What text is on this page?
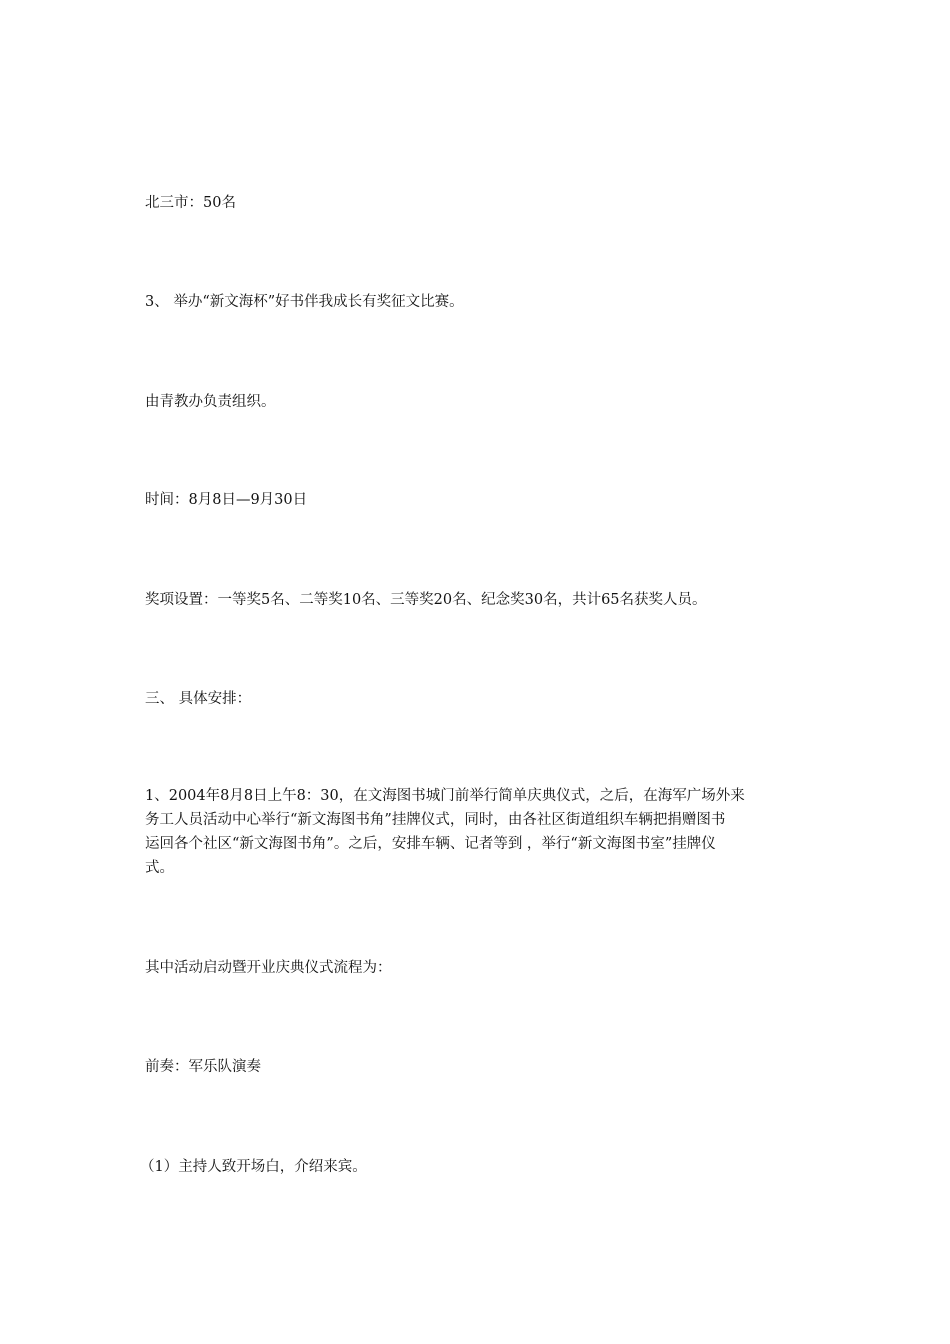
北三市：50名

3、 举办“新文海杯”好书伴我成长有奖征文比赛。

由青教办负责组织。

时间：8月8日—9月30日

奖项设置：一等奖5名、二等奖10名、三等奖20名、纪念奖30名，共计65名获奖人员。

三、 具体安排：

1、2004年8月8日上午8：30，在文海图书城门前举行简单庆典仪式，之后，在海军广场外来
务工人员活动中心举行“新文海图书角”挂牌仪式，同时，由各社区街道组织车辆把捐赠图书
运回各个社区“新文海图书角”。之后，安排车辆、记者等到 ，举行“新文海图书室”挂牌仪
式。

其中活动启动暨开业庆典仪式流程为：

前奏：军乐队演奏

（1）主持人致开场白，介绍来宾。
